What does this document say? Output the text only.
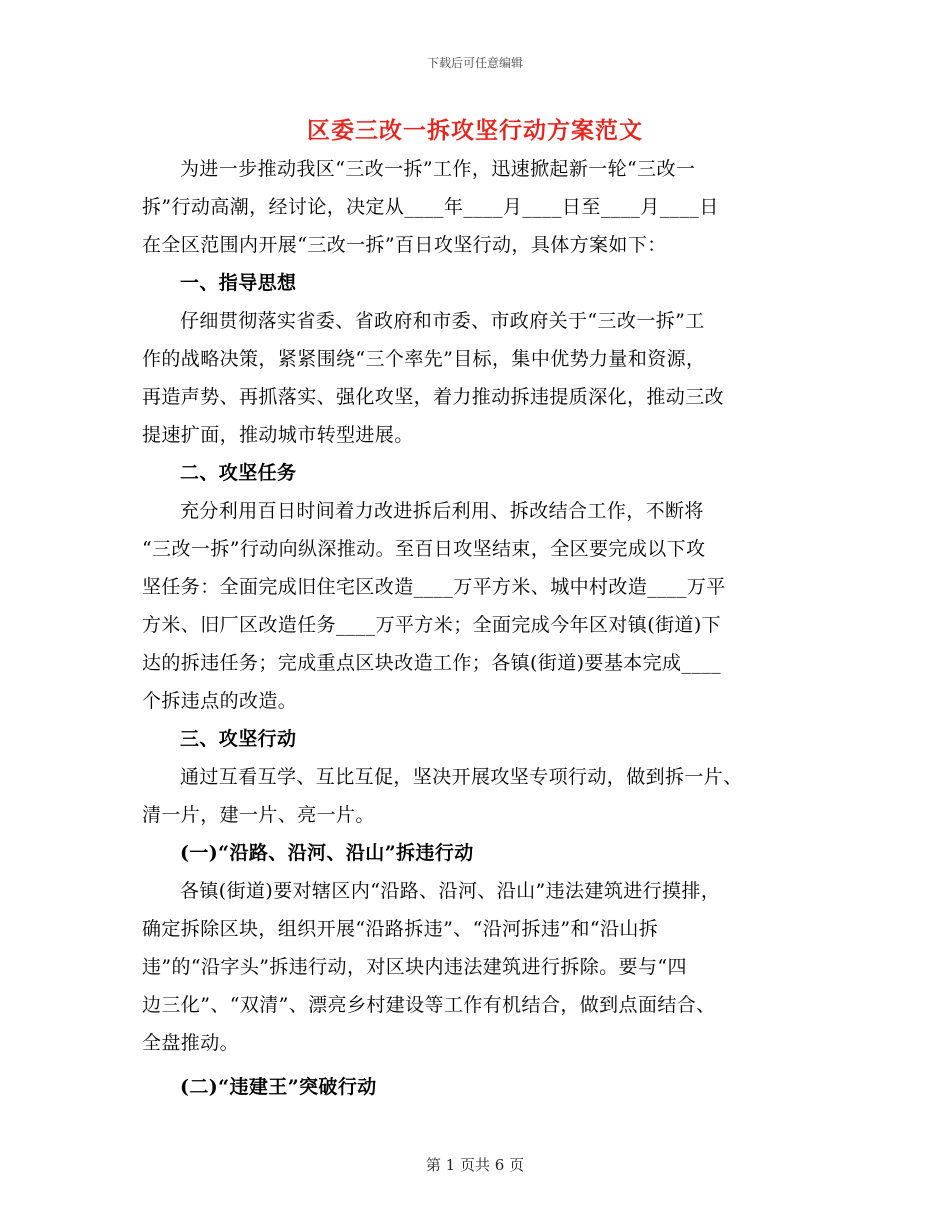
下载后可任意编辑
区委三改一拆攻坚行动方案范文
为进一步推动我区“三改一拆”工作，迅速掀起新一轮“三改一
拆”行动高潮，经讨论，决定从____年____月____日至____月____日
在全区范围内开展“三改一拆”百日攻坚行动，具体方案如下：
一、指导思想
仔细贯彻落实省委、省政府和市委、市政府关于“三改一拆”工
作的战略决策，紧紧围绕“三个率先”目标，集中优势力量和资源，
再造声势、再抓落实、强化攻坚，着力推动拆违提质深化，推动三改
提速扩面，推动城市转型进展。
二、攻坚任务
充分利用百日时间着力改进拆后利用、拆改结合工作，不断将
“三改一拆”行动向纵深推动。至百日攻坚结束，全区要完成以下攻
坚任务：全面完成旧住宅区改造____万平方米、城中村改造____万平
方米、旧厂区改造任务____万平方米；全面完成今年区对镇(街道)下
达的拆违任务；完成重点区块改造工作；各镇(街道)要基本完成____
个拆违点的改造。
三、攻坚行动
通过互看互学、互比互促，坚决开展攻坚专项行动，做到拆一片、
清一片，建一片、亮一片。
(一)“沿路、沿河、沿山”拆违行动
各镇(街道)要对辖区内“沿路、沿河、沿山”违法建筑进行摸排，
确定拆除区块，组织开展“沿路拆违”、“沿河拆违”和“沿山拆
违”的“沿字头”拆违行动，对区块内违法建筑进行拆除。要与“四
边三化”、“双清”、漂亮乡村建设等工作有机结合，做到点面结合、
全盘推动。
(二)“违建王”突破行动
第 1 页共 6 页
